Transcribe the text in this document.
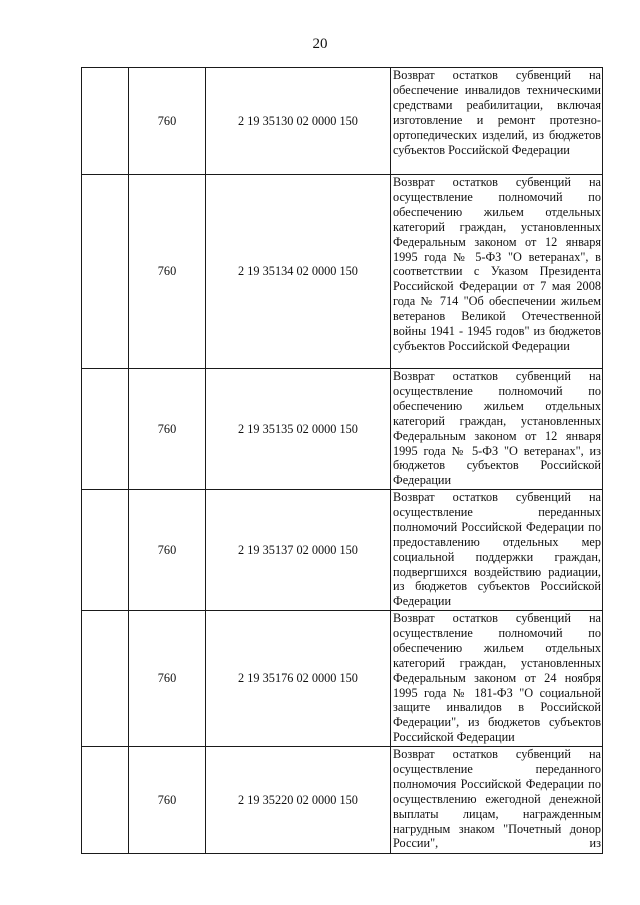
20
	760	2 19 35130 02 0000 150	Возврат остатков субвенций на обеспечение инвалидов техническими средствами реабилитации, включая изготовление и ремонт протезно-ортопедических изделий, из бюджетов субъектов Российской Федерации
	760	2 19 35134 02 0000 150	Возврат остатков субвенций на осуществление полномочий по обеспечению жильем отдельных категорий граждан, установленных Федеральным законом от 12 января 1995 года № 5-ФЗ "О ветеранах", в соответствии с Указом Президента Российской Федерации от 7 мая 2008 года № 714 "Об обеспечении жильем ветеранов Великой Отечественной войны 1941 - 1945 годов" из бюджетов субъектов Российской Федерации
	760	2 19 35135 02 0000 150	Возврат остатков субвенций на осуществление полномочий по обеспечению жильем отдельных категорий граждан, установленных Федеральным законом от 12 января 1995 года № 5-ФЗ "О ветеранах", из бюджетов субъектов Российской Федерации
	760	2 19 35137 02 0000 150	Возврат остатков субвенций на осуществление переданных полномочий Российской Федерации по предоставлению отдельных мер социальной поддержки граждан, подвергшихся воздействию радиации, из бюджетов субъектов Российской Федерации
	760	2 19 35176 02 0000 150	Возврат остатков субвенций на осуществление полномочий по обеспечению жильем отдельных категорий граждан, установленных Федеральным законом от 24 ноября 1995 года № 181-ФЗ "О социальной защите инвалидов в Российской Федерации", из бюджетов субъектов Российской Федерации
	760	2 19 35220 02 0000 150	Возврат остатков субвенций на осуществление переданного полномочия Российской Федерации по осуществлению ежегодной денежной выплаты лицам, награжденным нагрудным знаком "Почетный донор России", из
